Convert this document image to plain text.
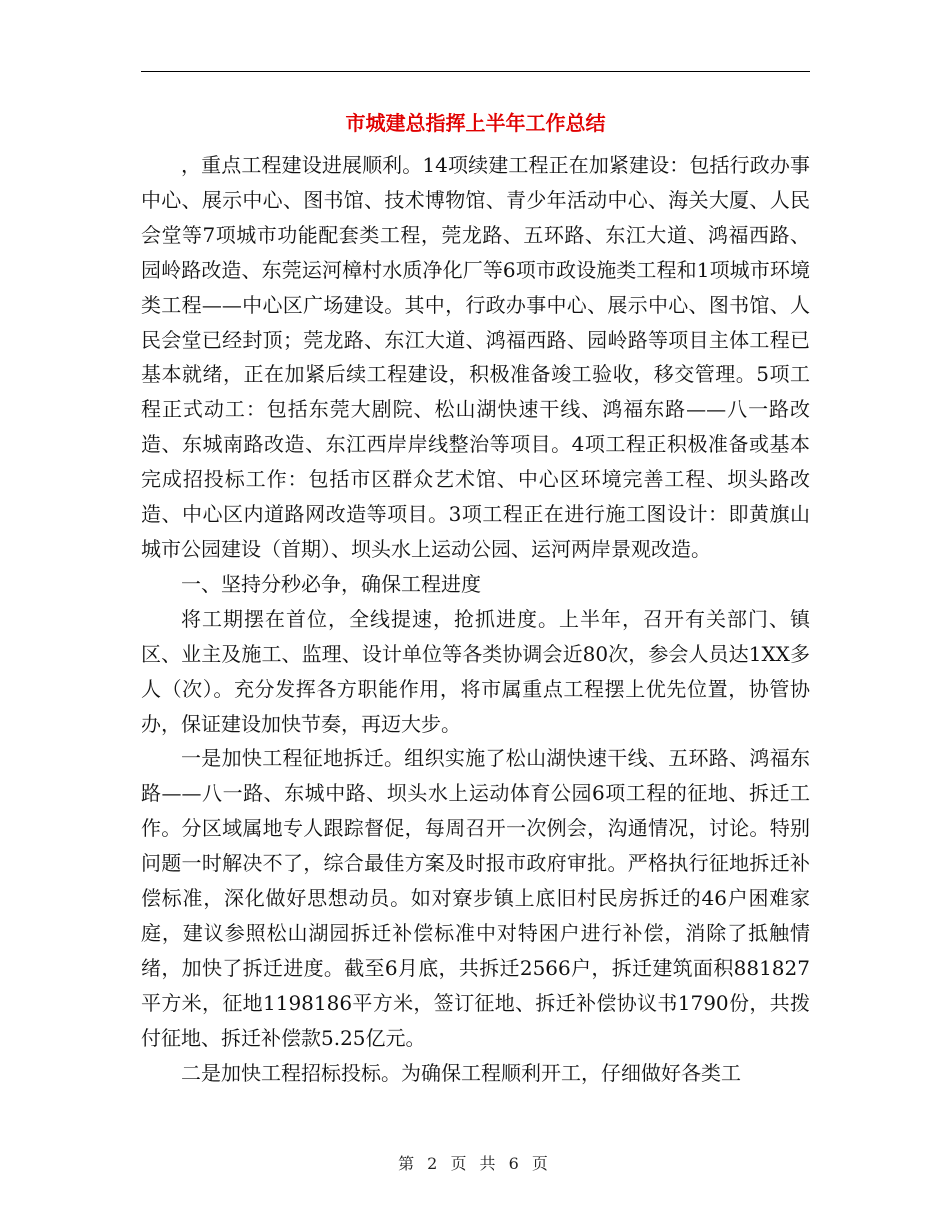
市城建总指挥上半年工作总结

，重点工程建设进展顺利。14项续建工程正在加紧建设：包括行政办事中心、展示中心、图书馆、技术博物馆、青少年活动中心、海关大厦、人民会堂等7项城市功能配套类工程，莞龙路、五环路、东江大道、鸿福西路、园岭路改造、东莞运河樟村水质净化厂等6项市政设施类工程和1项城市环境类工程——中心区广场建设。其中，行政办事中心、展示中心、图书馆、人民会堂已经封顶；莞龙路、东江大道、鸿福西路、园岭路等项目主体工程已基本就绪，正在加紧后续工程建设，积极准备竣工验收，移交管理。5项工程正式动工：包括东莞大剧院、松山湖快速干线、鸿福东路——八一路改造、东城南路改造、东江西岸岸线整治等项目。4项工程正积极准备或基本完成招投标工作：包括市区群众艺术馆、中心区环境完善工程、坝头路改造、中心区内道路网改造等项目。3项工程正在进行施工图设计：即黄旗山城市公园建设（首期）、坝头水上运动公园、运河两岸景观改造。

一、坚持分秒必争，确保工程进度

将工期摆在首位，全线提速，抢抓进度。上半年，召开有关部门、镇区、业主及施工、监理、设计单位等各类协调会近80次，参会人员达1XX多人（次）。充分发挥各方职能作用，将市属重点工程摆上优先位置，协管协办，保证建设加快节奏，再迈大步。

一是加快工程征地拆迁。组织实施了松山湖快速干线、五环路、鸿福东路——八一路、东城中路、坝头水上运动体育公园6项工程的征地、拆迁工作。分区域属地专人跟踪督促，每周召开一次例会，沟通情况，讨论。特别问题一时解决不了，综合最佳方案及时报市政府审批。严格执行征地拆迁补偿标准，深化做好思想动员。如对寮步镇上底旧村民房拆迁的46户困难家庭，建议参照松山湖园拆迁补偿标准中对特困户进行补偿，消除了抵触情绪，加快了拆迁进度。截至6月底，共拆迁2566户，拆迁建筑面积881827平方米，征地1198186平方米，签订征地、拆迁补偿协议书1790份，共拨付征地、拆迁补偿款5.25亿元。

二是加快工程招标投标。为确保工程顺利开工，仔细做好各类工

第 2 页 共 6 页
